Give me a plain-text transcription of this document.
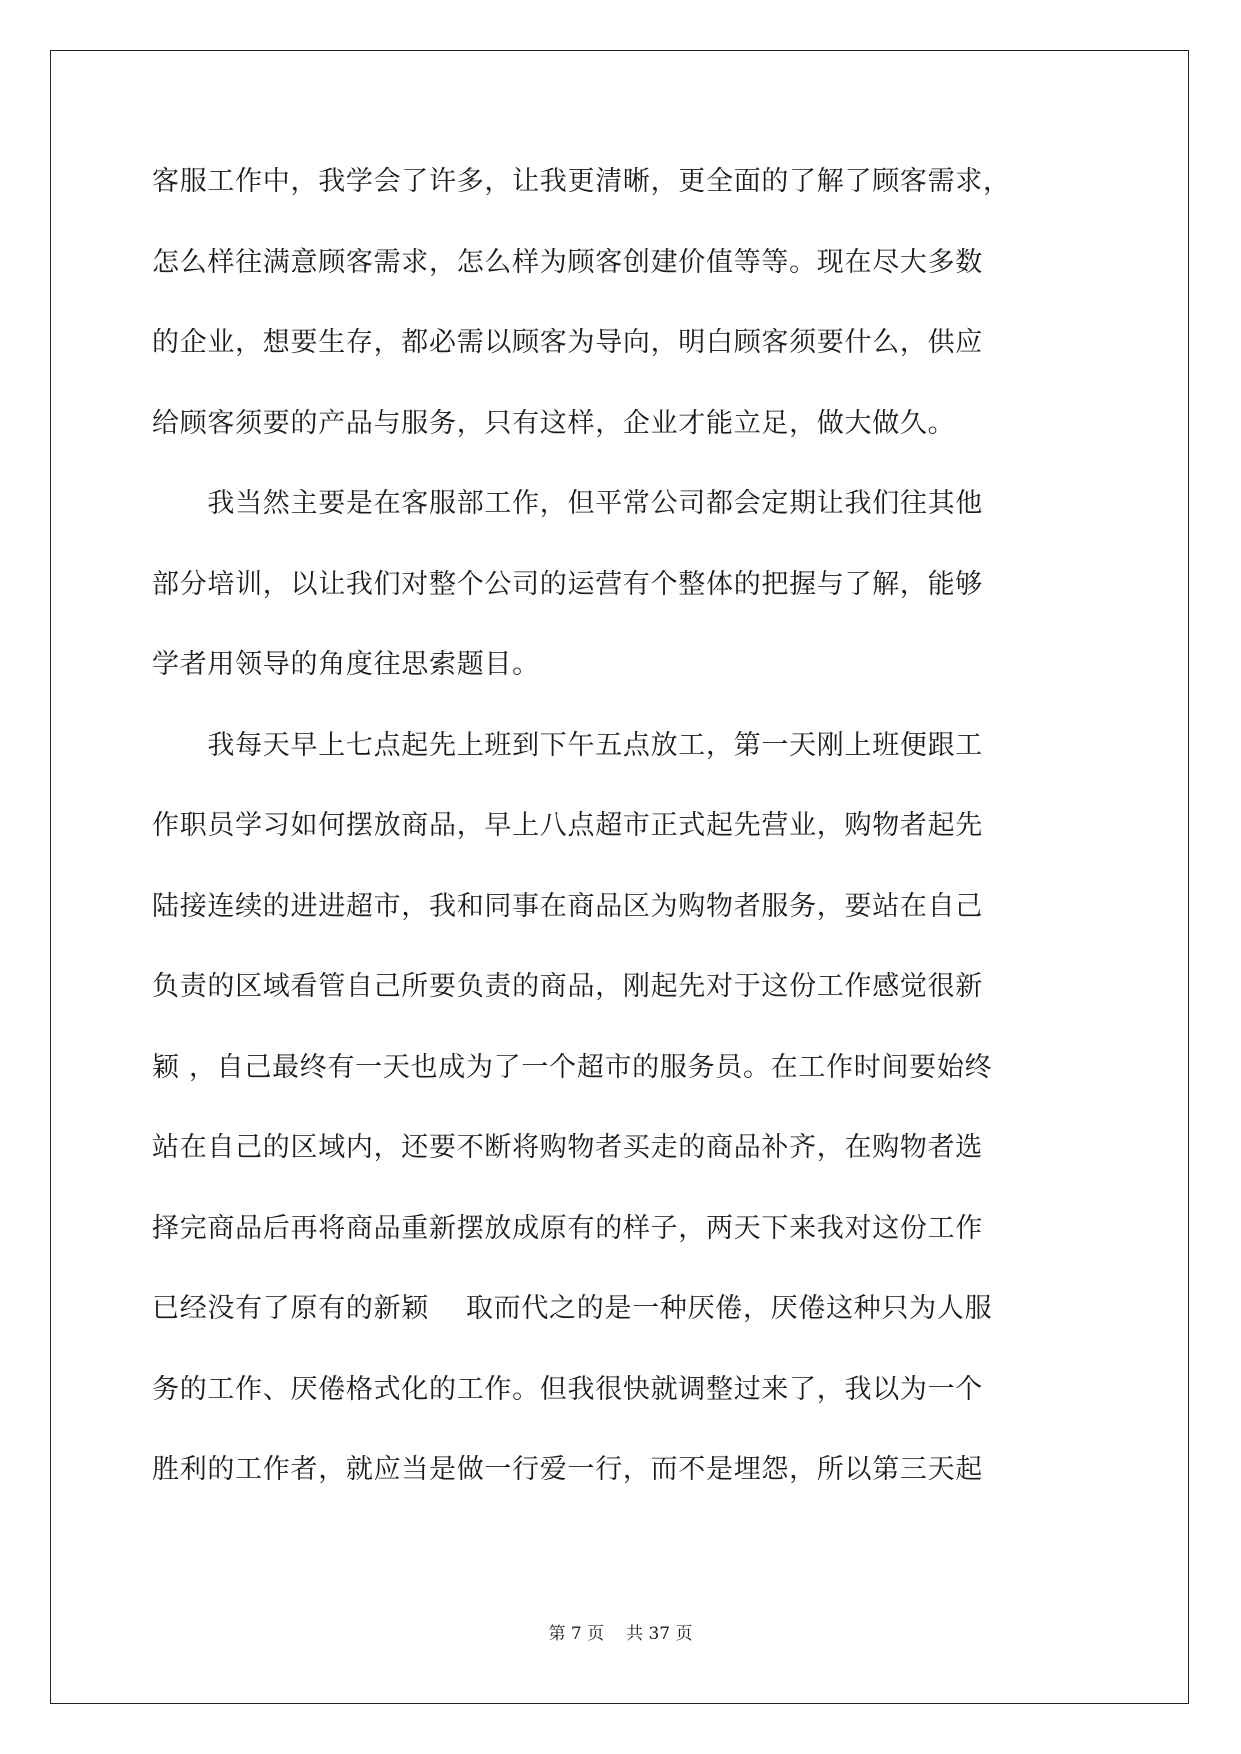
客服工作中，我学会了许多，让我更清晰，更全面的了解了顾客需求，
怎么样往满意顾客需求，怎么样为顾客创建价值等等。现在尽大多数
的企业，想要生存，都必需以顾客为导向，明白顾客须要什么，供应
给顾客须要的产品与服务，只有这样，企业才能立足，做大做久。
　　我当然主要是在客服部工作，但平常公司都会定期让我们往其他
部分培训，以让我们对整个公司的运营有个整体的把握与了解，能够
学者用领导的角度往思索题目。
　　我每天早上七点起先上班到下午五点放工，第一天刚上班便跟工
作职员学习如何摆放商品，早上八点超市正式起先营业，购物者起先
陆接连续的进进超市，我和同事在商品区为购物者服务，要站在自己
负责的区域看管自己所要负责的商品，刚起先对于这份工作感觉很新
颖 ，自己最终有一天也成为了一个超市的服务员。在工作时间要始终
站在自己的区域内，还要不断将购物者买走的商品补齐，在购物者选
择完商品后再将商品重新摆放成原有的样子，两天下来我对这份工作
已经没有了原有的新颖　 取而代之的是一种厌倦，厌倦这种只为人服
务的工作、厌倦格式化的工作。但我很快就调整过来了，我以为一个
胜利的工作者，就应当是做一行爱一行，而不是埋怨，所以第三天起
第 7 页 共 37 页
